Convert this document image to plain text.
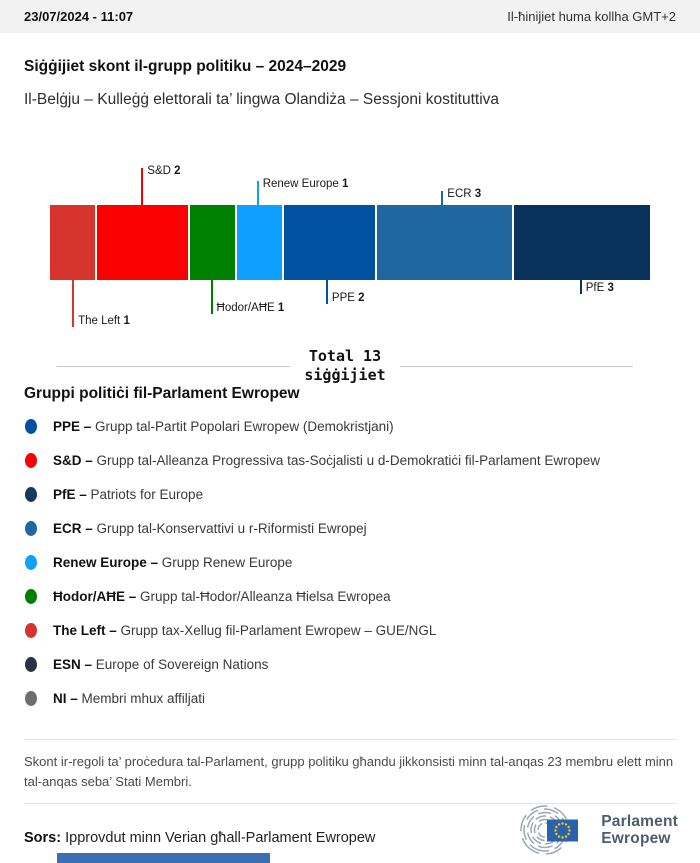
23/07/2024 - 11:07	Il-ħinijiet huma kollha GMT+2
Siġġijiet skont il-grupp politiku – 2024–2029
Il-Belġju – Kulleġġ elettorali ta’ lingwa Olandiża – Sessjoni kostituttiva
The Left 1
S&D 2
Ħodor/AĦE 1
Renew Europe 1
PPE 2
ECR 3
PfE 3
Total 13
siġġijiet
Gruppi politiċi fil-Parlament Ewropew
PPE – Grupp tal-Partit Popolari Ewropew (Demokristjani)
S&D – Grupp tal-Alleanza Progressiva tas-Soċjalisti u d-Demokratiċi fil-Parlament Ewropew
PfE – Patriots for Europe
ECR – Grupp tal-Konservattivi u r-Riformisti Ewropej
Renew Europe – Grupp Renew Europe
Ħodor/AĦE – Grupp tal-Ħodor/Alleanza Ħielsa Ewropea
The Left – Grupp tax-Xellug fil-Parlament Ewropew – GUE/NGL
ESN – Europe of Sovereign Nations
NI – Membri mhux affiljati
Skont ir-regoli ta’ proċedura tal-Parlament, grupp politiku għandu jikkonsisti minn tal-anqas 23 membru elett minn tal-anqas seba’ Stati Membri.
Sors: Ipprovdut minn Verian għall-Parlament Ewropew
Parlament
Ewropew
